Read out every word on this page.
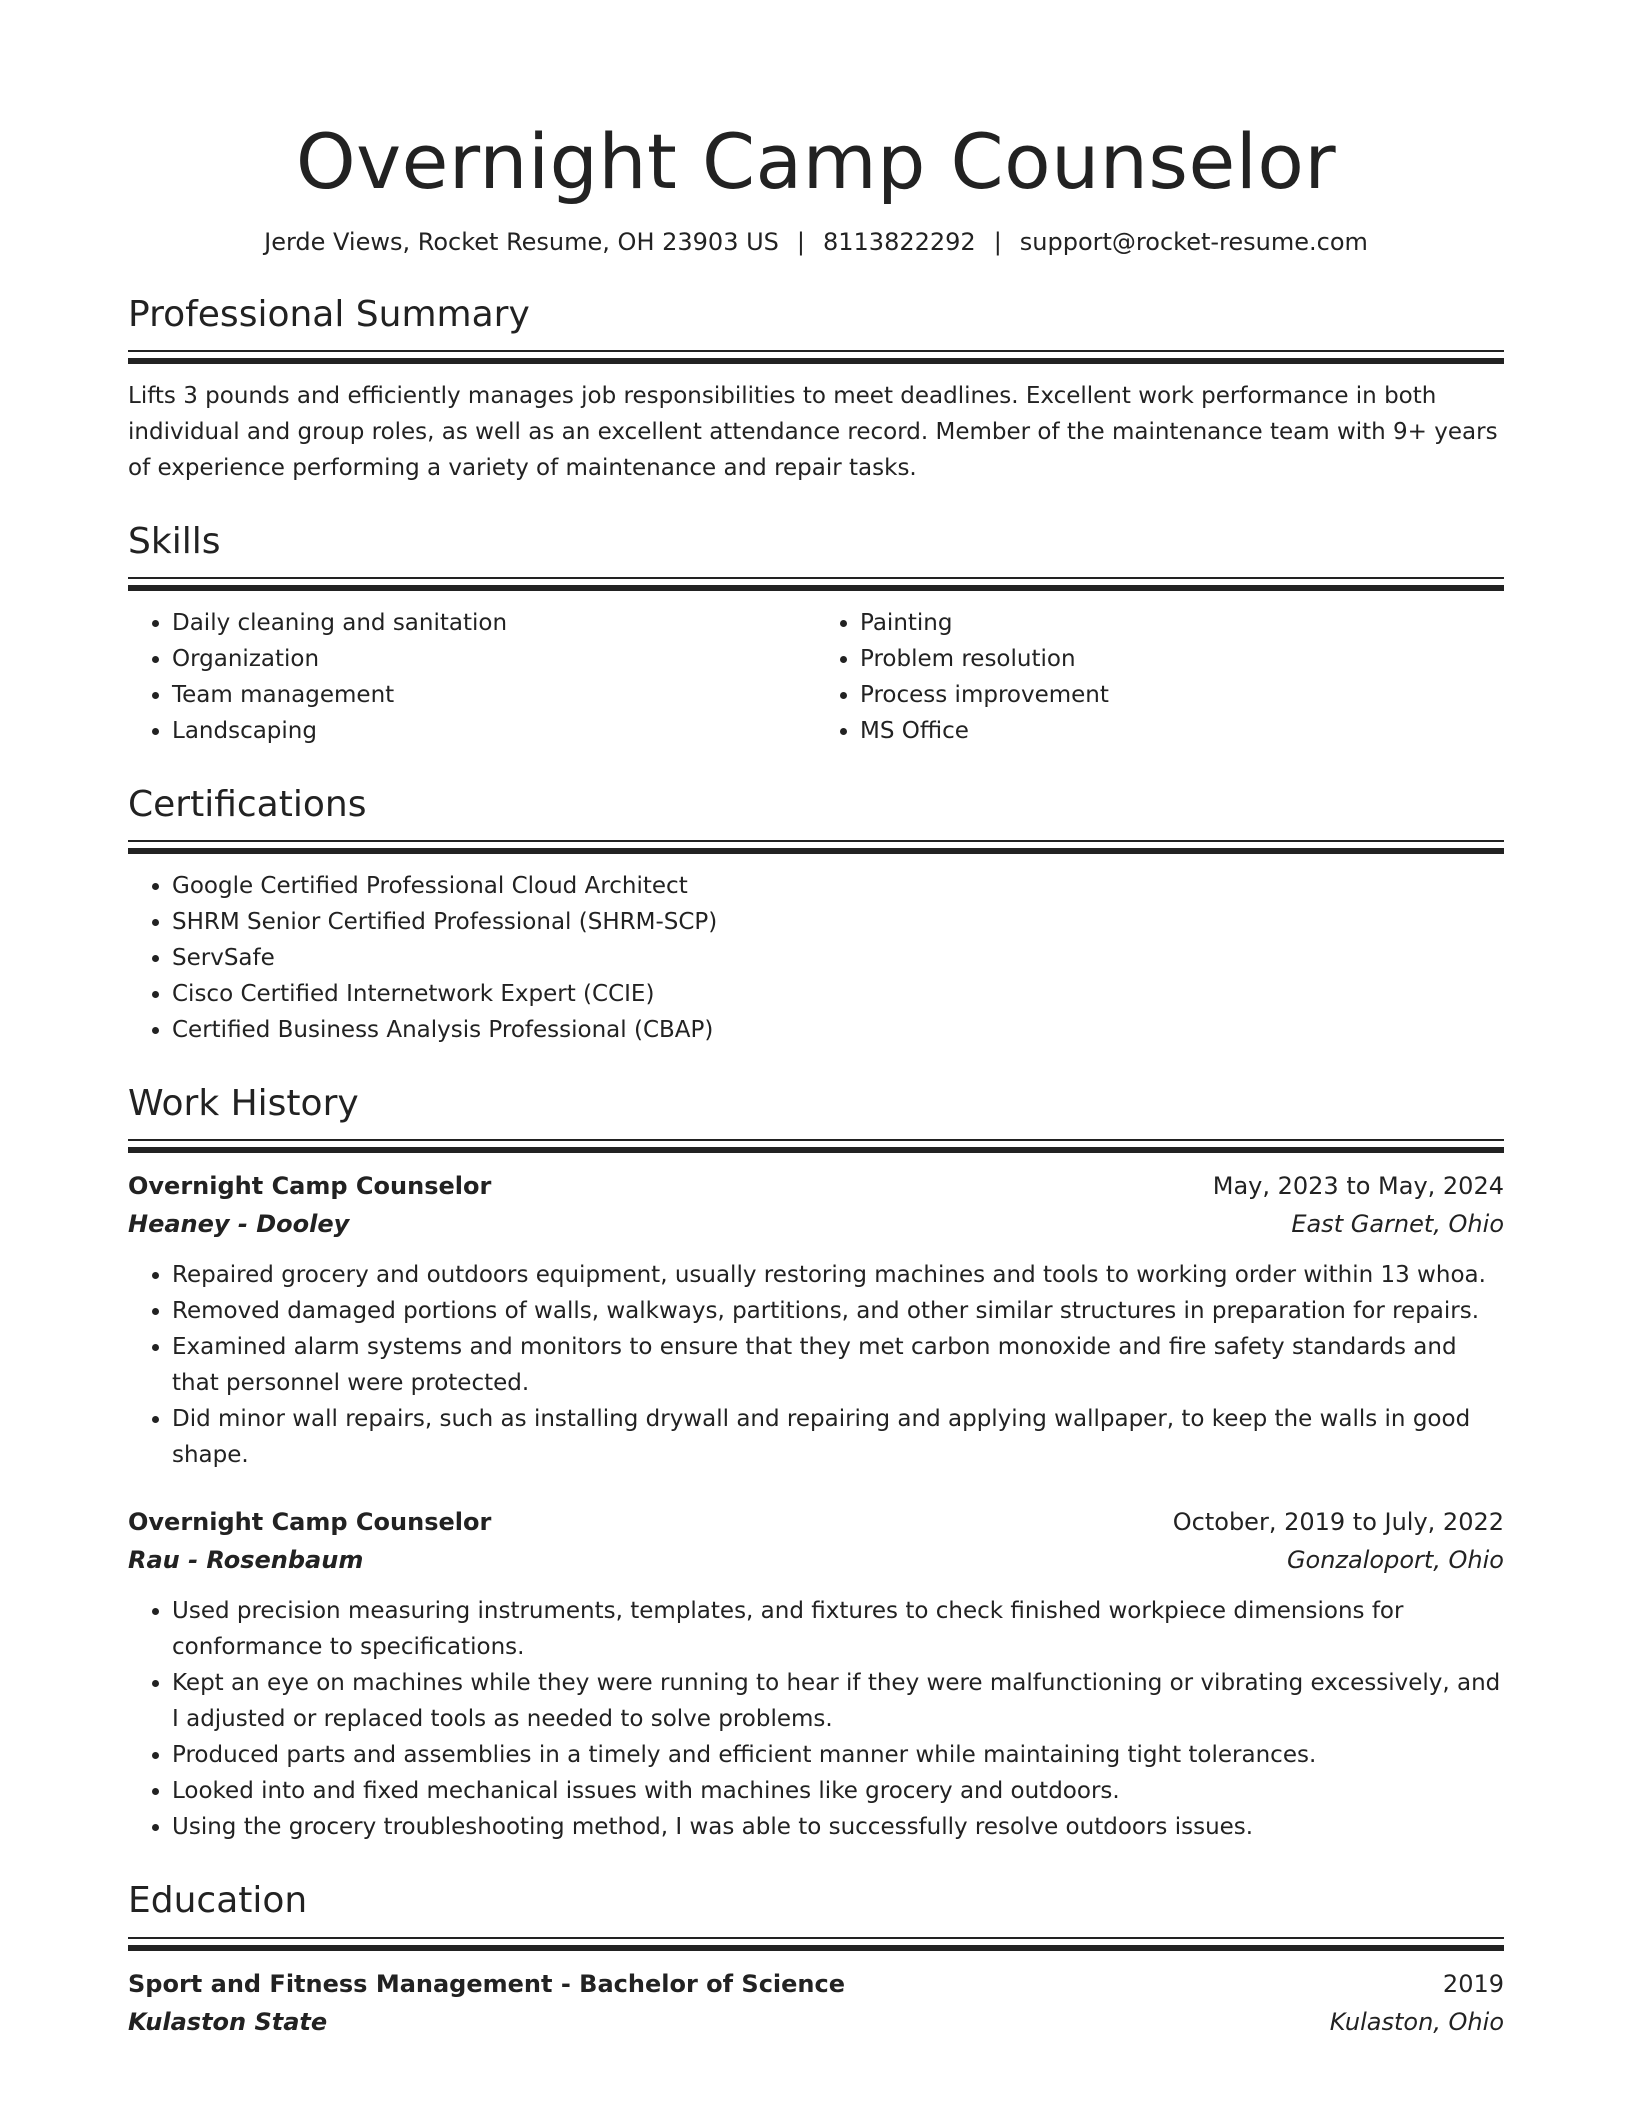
Overnight Camp Counselor
Jerde Views, Rocket Resume, OH 23903 US | 8113822292 | support@rocket-resume.com
Professional Summary
Lifts 3 pounds and efficiently manages job responsibilities to meet deadlines. Excellent work performance in both individual and group roles, as well as an excellent attendance record. Member of the maintenance team with 9+ years of experience performing a variety of maintenance and repair tasks.
Skills
• Daily cleaning and sanitation
• Organization
• Team management
• Landscaping
• Painting
• Problem resolution
• Process improvement
• MS Office
Certifications
• Google Certified Professional Cloud Architect
• SHRM Senior Certified Professional (SHRM-SCP)
• ServSafe
• Cisco Certified Internetwork Expert (CCIE)
• Certified Business Analysis Professional (CBAP)
Work History
Overnight Camp Counselor	May, 2023 to May, 2024
Heaney - Dooley	East Garnet, Ohio
• Repaired grocery and outdoors equipment, usually restoring machines and tools to working order within 13 whoa.
• Removed damaged portions of walls, walkways, partitions, and other similar structures in preparation for repairs.
• Examined alarm systems and monitors to ensure that they met carbon monoxide and fire safety standards and that personnel were protected.
• Did minor wall repairs, such as installing drywall and repairing and applying wallpaper, to keep the walls in good shape.
Overnight Camp Counselor	October, 2019 to July, 2022
Rau - Rosenbaum	Gonzaloport, Ohio
• Used precision measuring instruments, templates, and fixtures to check finished workpiece dimensions for conformance to specifications.
• Kept an eye on machines while they were running to hear if they were malfunctioning or vibrating excessively, and I adjusted or replaced tools as needed to solve problems.
• Produced parts and assemblies in a timely and efficient manner while maintaining tight tolerances.
• Looked into and fixed mechanical issues with machines like grocery and outdoors.
• Using the grocery troubleshooting method, I was able to successfully resolve outdoors issues.
Education
Sport and Fitness Management - Bachelor of Science	2019
Kulaston State	Kulaston, Ohio
